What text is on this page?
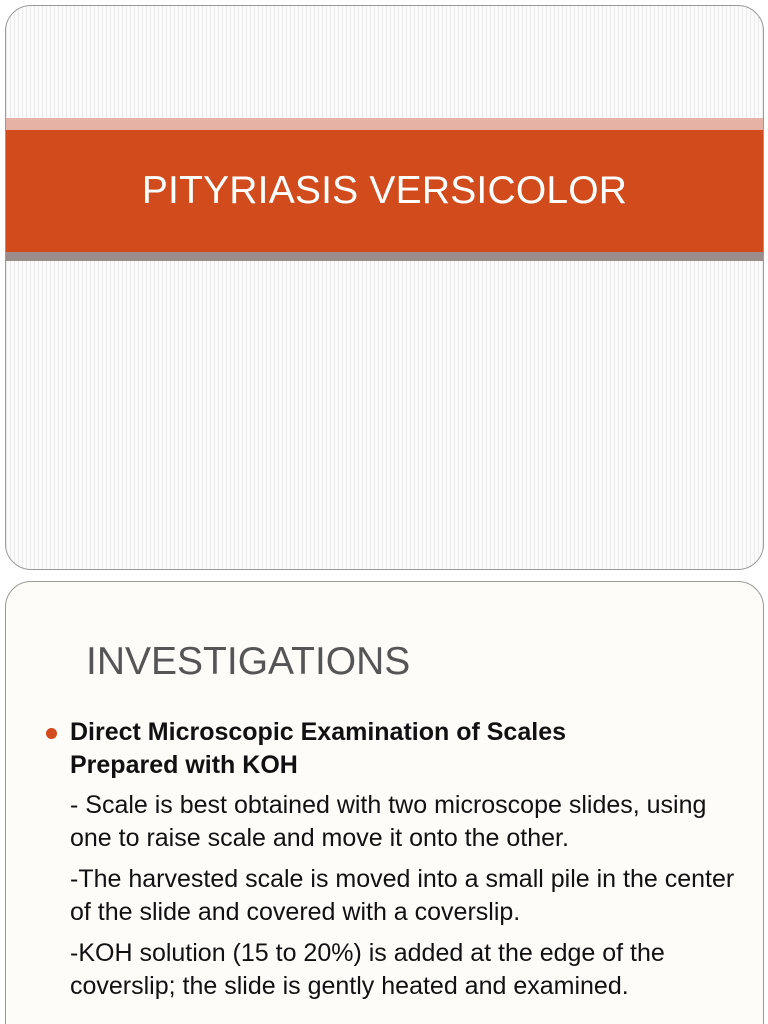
PITYRIASIS VERSICOLOR
INVESTIGATIONS
Direct Microscopic Examination of Scales Prepared with KOH

- Scale is best obtained with two microscope slides, using one to raise scale and move it onto the other.

-The harvested scale is moved into a small pile in the center of the slide and covered with a coverslip.

-KOH solution (15 to 20%) is added at the edge of the coverslip; the slide is gently heated and examined.
